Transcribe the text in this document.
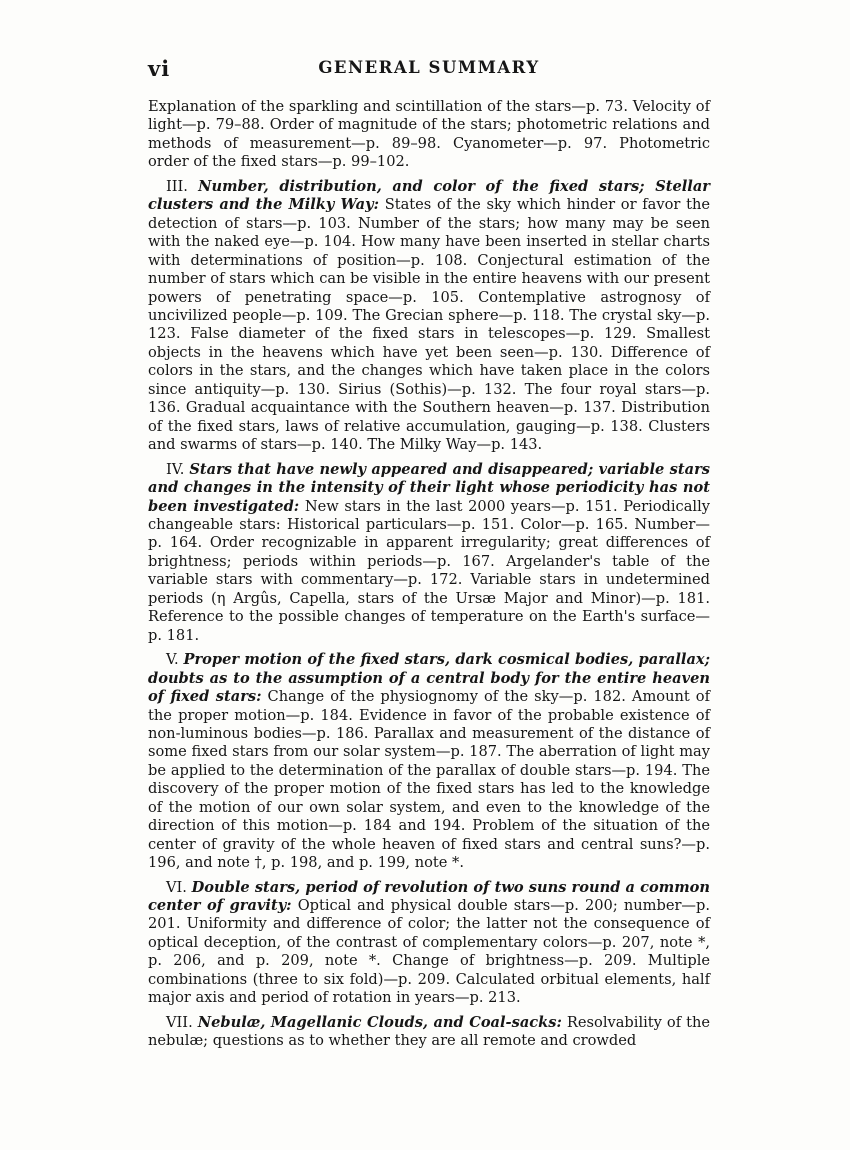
vi	GENERAL SUMMARY

Explanation of the sparkling and scintillation of the stars—p. 73. Velocity of light—p. 79–88. Order of magnitude of the stars; photometric relations and methods of measurement—p. 89–98. Cyanometer—p. 97. Photometric order of the fixed stars—p. 99–102.

III. Number, distribution, and color of the fixed stars; Stellar clusters and the Milky Way: States of the sky which hinder or favor the detection of stars—p. 103. Number of the stars; how many may be seen with the naked eye—p. 104. How many have been inserted in stellar charts with determinations of position—p. 108. Conjectural estimation of the number of stars which can be visible in the entire heavens with our present powers of penetrating space—p. 105. Contemplative astrognosy of uncivilized people—p. 109. The Grecian sphere—p. 118. The crystal sky—p. 123. False diameter of the fixed stars in telescopes—p. 129. Smallest objects in the heavens which have yet been seen—p. 130. Difference of colors in the stars, and the changes which have taken place in the colors since antiquity—p. 130. Sirius (Sothis)—p. 132. The four royal stars—p. 136. Gradual acquaintance with the Southern heaven—p. 137. Distribution of the fixed stars, laws of relative accumulation, gauging—p. 138. Clusters and swarms of stars—p. 140. The Milky Way—p. 143.

IV. Stars that have newly appeared and disappeared; variable stars and changes in the intensity of their light whose periodicity has not been investigated: New stars in the last 2000 years—p. 151. Periodically changeable stars: Historical particulars—p. 151. Color—p. 165. Number—p. 164. Order recognizable in apparent irregularity; great differences of brightness; periods within periods—p. 167. Argelander's table of the variable stars with commentary—p. 172. Variable stars in undetermined periods (η Argûs, Capella, stars of the Ursæ Major and Minor)—p. 181. Reference to the possible changes of temperature on the Earth's surface—p. 181.

V. Proper motion of the fixed stars, dark cosmical bodies, parallax; doubts as to the assumption of a central body for the entire heaven of fixed stars: Change of the physiognomy of the sky—p. 182. Amount of the proper motion—p. 184. Evidence in favor of the probable existence of non-luminous bodies—p. 186. Parallax and measurement of the distance of some fixed stars from our solar system—p. 187. The aberration of light may be applied to the determination of the parallax of double stars—p. 194. The discovery of the proper motion of the fixed stars has led to the knowledge of the motion of our own solar system, and even to the knowledge of the direction of this motion—p. 184 and 194. Problem of the situation of the center of gravity of the whole heaven of fixed stars and central suns?—p. 196, and note †, p. 198, and p. 199, note *.

VI. Double stars, period of revolution of two suns round a common center of gravity: Optical and physical double stars—p. 200; number—p. 201. Uniformity and difference of color; the latter not the consequence of optical deception, of the contrast of complementary colors—p. 207, note *, p. 206, and p. 209, note *. Change of brightness—p. 209. Multiple combinations (three to six fold)—p. 209. Calculated orbitual elements, half major axis and period of rotation in years—p. 213.

VII. Nebulæ, Magellanic Clouds, and Coal-sacks: Resolvability of the nebulæ; questions as to whether they are all remote and crowded
